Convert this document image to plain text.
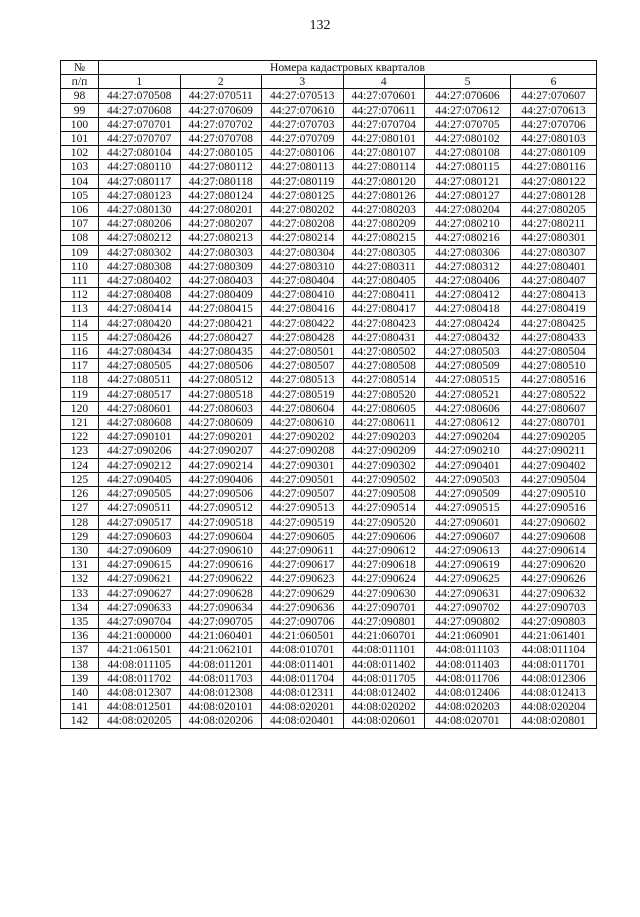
132
№	Номера кадастровых кварталов					
п/п	1	2	3	4	5	6
98	44:27:070508	44:27:070511	44:27:070513	44:27:070601	44:27:070606	44:27:070607
99	44:27:070608	44:27:070609	44:27:070610	44:27:070611	44:27:070612	44:27:070613
100	44:27:070701	44:27:070702	44:27:070703	44:27:070704	44:27:070705	44:27:070706
101	44:27:070707	44:27:070708	44:27:070709	44:27:080101	44:27:080102	44:27:080103
102	44:27:080104	44:27:080105	44:27:080106	44:27:080107	44:27:080108	44:27:080109
103	44:27:080110	44:27:080112	44:27:080113	44:27:080114	44:27:080115	44:27:080116
104	44:27:080117	44:27:080118	44:27:080119	44:27:080120	44:27:080121	44:27:080122
105	44:27:080123	44:27:080124	44:27:080125	44:27:080126	44:27:080127	44:27:080128
106	44:27:080130	44:27:080201	44:27:080202	44:27:080203	44:27:080204	44:27:080205
107	44:27:080206	44:27:080207	44:27:080208	44:27:080209	44:27:080210	44:27:080211
108	44:27:080212	44:27:080213	44:27:080214	44:27:080215	44:27:080216	44:27:080301
109	44:27:080302	44:27:080303	44:27:080304	44:27:080305	44:27:080306	44:27:080307
110	44:27:080308	44:27:080309	44:27:080310	44:27:080311	44:27:080312	44:27:080401
111	44:27:080402	44:27:080403	44:27:080404	44:27:080405	44:27:080406	44:27:080407
112	44:27:080408	44:27:080409	44:27:080410	44:27:080411	44:27:080412	44:27:080413
113	44:27:080414	44:27:080415	44:27:080416	44:27:080417	44:27:080418	44:27:080419
114	44:27:080420	44:27:080421	44:27:080422	44:27:080423	44:27:080424	44:27:080425
115	44:27:080426	44:27:080427	44:27:080428	44:27:080431	44:27:080432	44:27:080433
116	44:27:080434	44:27:080435	44:27:080501	44:27:080502	44:27:080503	44:27:080504
117	44:27:080505	44:27:080506	44:27:080507	44:27:080508	44:27:080509	44:27:080510
118	44:27:080511	44:27:080512	44:27:080513	44:27:080514	44:27:080515	44:27:080516
119	44:27:080517	44:27:080518	44:27:080519	44:27:080520	44:27:080521	44:27:080522
120	44:27:080601	44:27:080603	44:27:080604	44:27:080605	44:27:080606	44:27:080607
121	44:27:080608	44:27:080609	44:27:080610	44:27:080611	44:27:080612	44:27:080701
122	44:27:090101	44:27:090201	44:27:090202	44:27:090203	44:27:090204	44:27:090205
123	44:27:090206	44:27:090207	44:27:090208	44:27:090209	44:27:090210	44:27:090211
124	44:27:090212	44:27:090214	44:27:090301	44:27:090302	44:27:090401	44:27:090402
125	44:27:090405	44:27:090406	44:27:090501	44:27:090502	44:27:090503	44:27:090504
126	44:27:090505	44:27:090506	44:27:090507	44:27:090508	44:27:090509	44:27:090510
127	44:27:090511	44:27:090512	44:27:090513	44:27:090514	44:27:090515	44:27:090516
128	44:27:090517	44:27:090518	44:27:090519	44:27:090520	44:27:090601	44:27:090602
129	44:27:090603	44:27:090604	44:27:090605	44:27:090606	44:27:090607	44:27:090608
130	44:27:090609	44:27:090610	44:27:090611	44:27:090612	44:27:090613	44:27:090614
131	44:27:090615	44:27:090616	44:27:090617	44:27:090618	44:27:090619	44:27:090620
132	44:27:090621	44:27:090622	44:27:090623	44:27:090624	44:27:090625	44:27:090626
133	44:27:090627	44:27:090628	44:27:090629	44:27:090630	44:27:090631	44:27:090632
134	44:27:090633	44:27:090634	44:27:090636	44:27:090701	44:27:090702	44:27:090703
135	44:27:090704	44:27:090705	44:27:090706	44:27:090801	44:27:090802	44:27:090803
136	44:21:000000	44:21:060401	44:21:060501	44:21:060701	44:21:060901	44:21:061401
137	44:21:061501	44:21:062101	44:08:010701	44:08:011101	44:08:011103	44:08:011104
138	44:08:011105	44:08:011201	44:08:011401	44:08:011402	44:08:011403	44:08:011701
139	44:08:011702	44:08:011703	44:08:011704	44:08:011705	44:08:011706	44:08:012306
140	44:08:012307	44:08:012308	44:08:012311	44:08:012402	44:08:012406	44:08:012413
141	44:08:012501	44:08:020101	44:08:020201	44:08:020202	44:08:020203	44:08:020204
142	44:08:020205	44:08:020206	44:08:020401	44:08:020601	44:08:020701	44:08:020801
